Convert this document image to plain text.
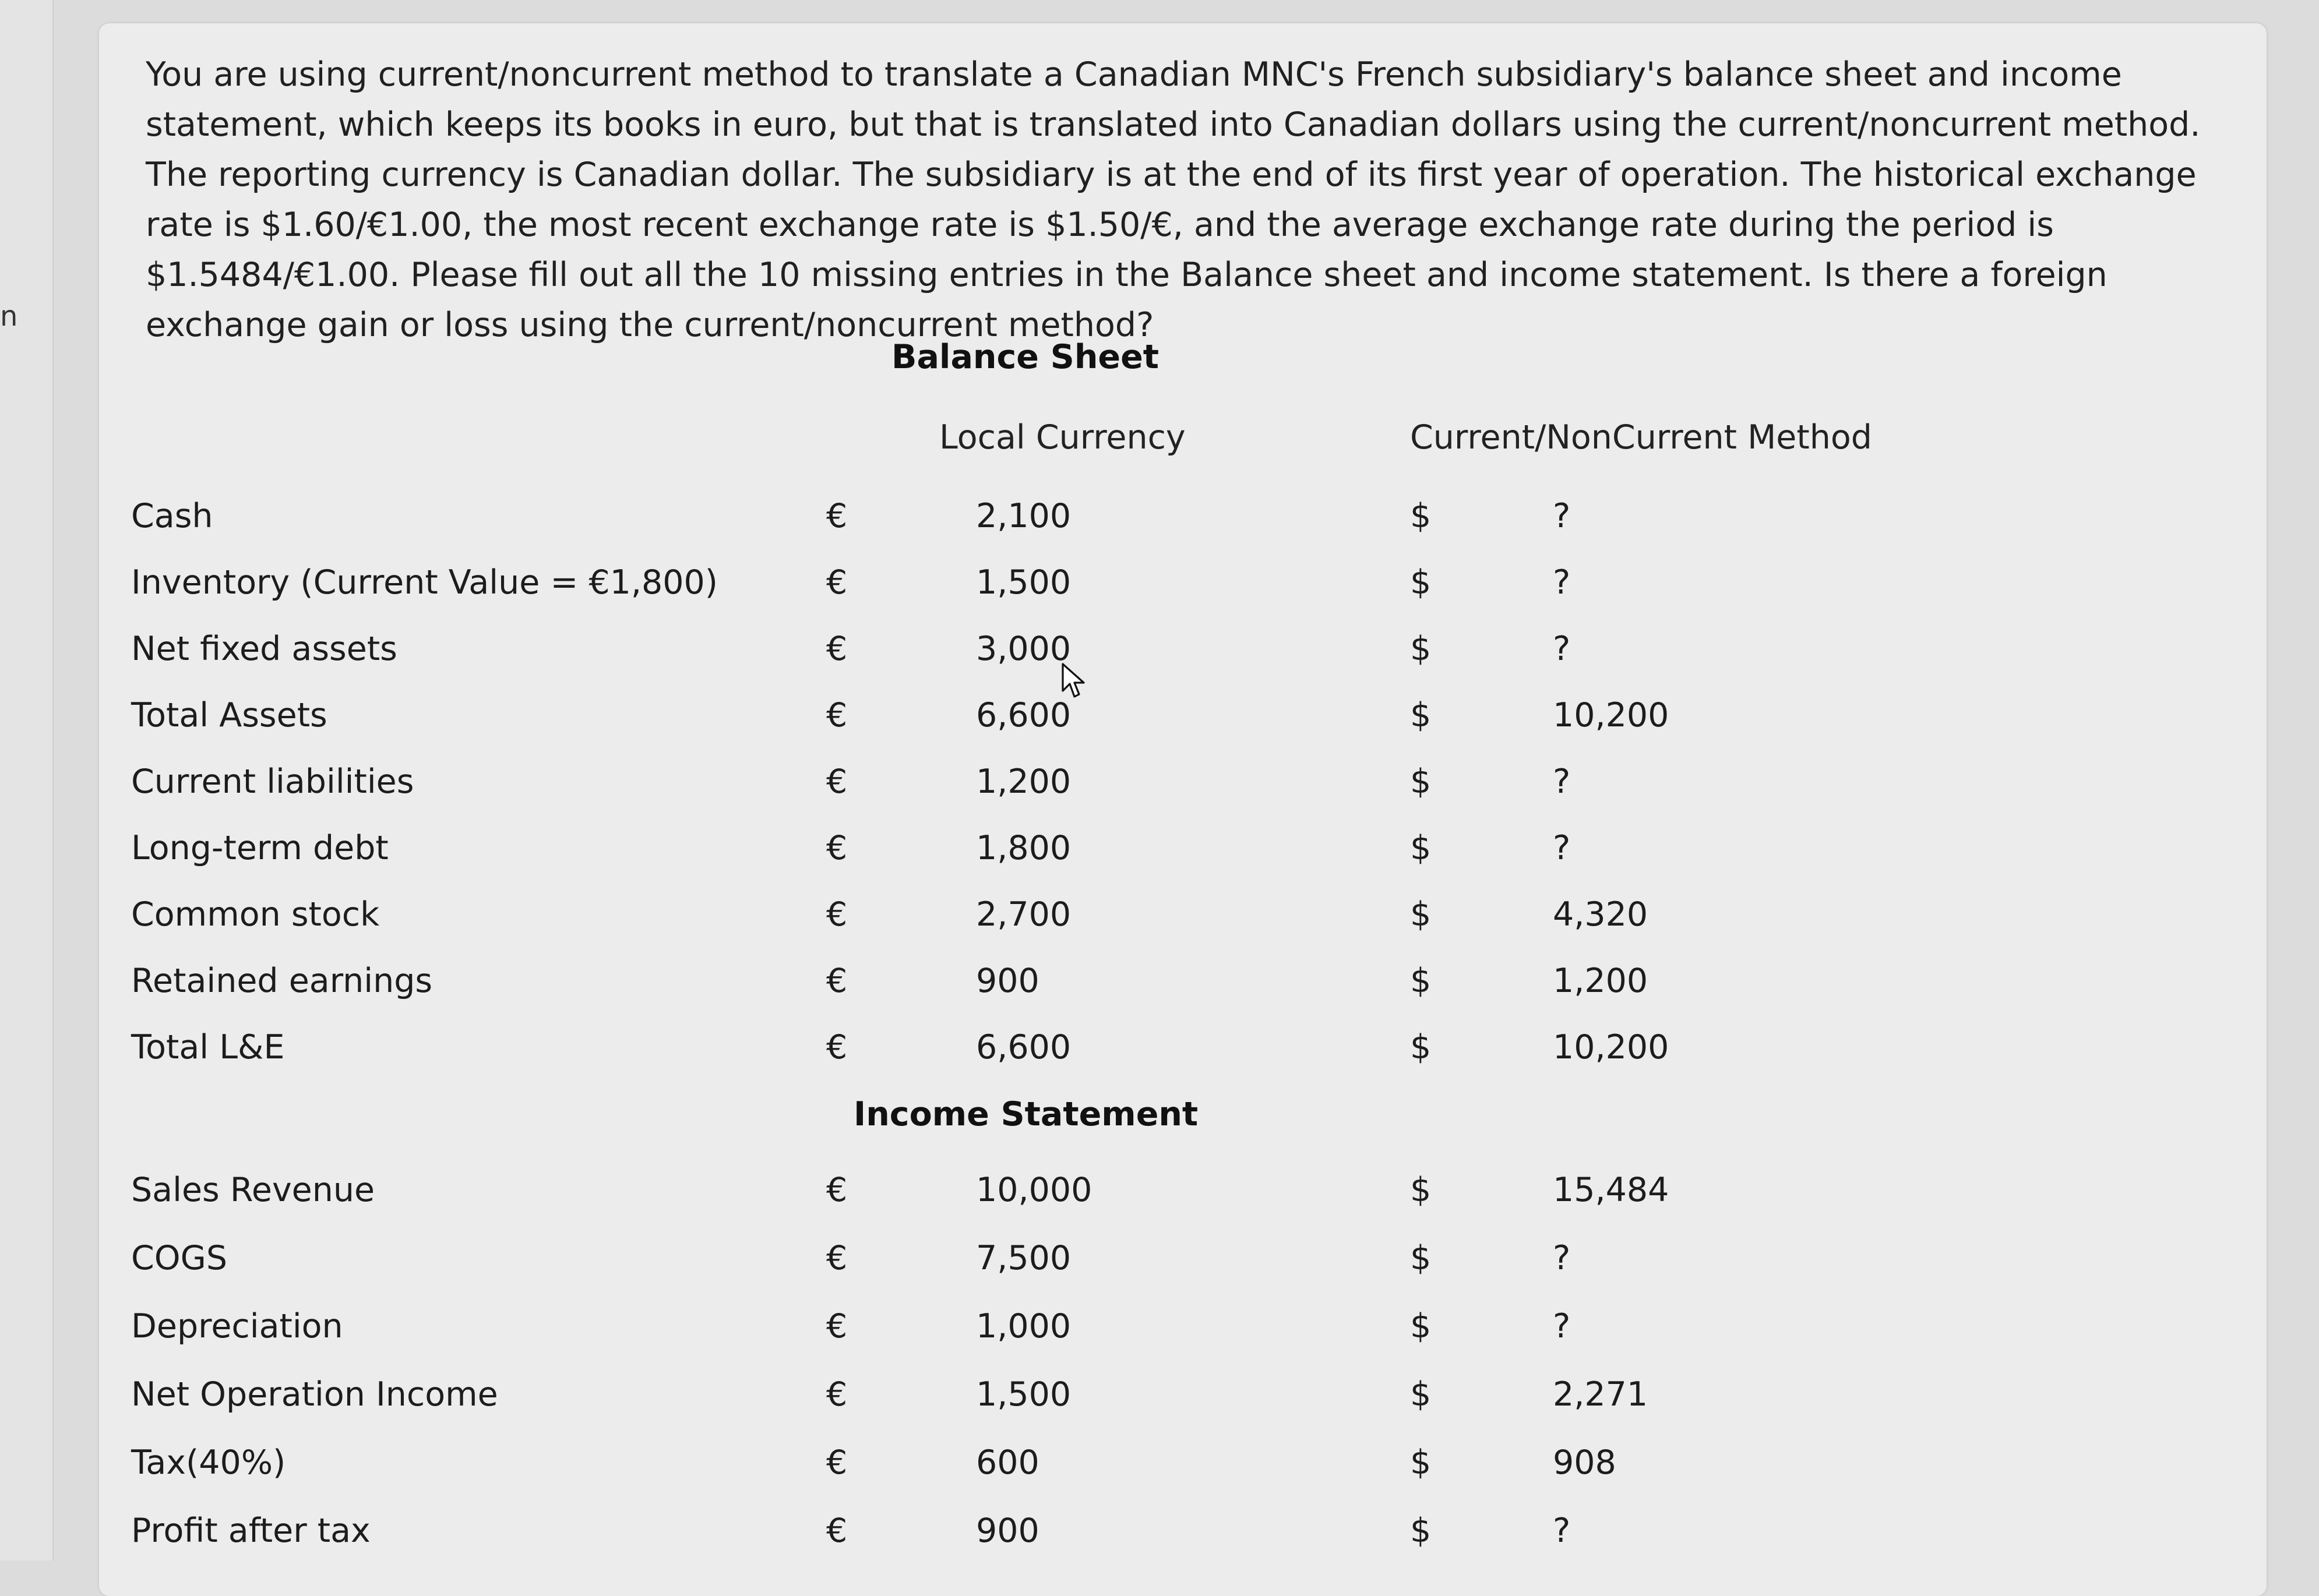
n
You are using current/noncurrent method to translate a Canadian MNC's French subsidiary's balance sheet and income statement, which keeps its books in euro, but that is translated into Canadian dollars using the current/noncurrent method. The reporting currency is Canadian dollar. The subsidiary is at the end of its first year of operation. The historical exchange rate is $1.60/€1.00, the most recent exchange rate is $1.50/€, and the average exchange rate during the period is $1.5484/€1.00. Please fill out all the 10 missing entries in the Balance sheet and income statement. Is there a foreign exchange gain or loss using the current/noncurrent method?
Balance Sheet
Local Currency	Current/NonCurrent Method
Cash	€	2,100	$	?
Inventory (Current Value = €1,800)	€	1,500	$	?
Net fixed assets	€	3,000	$	?
Total Assets	€	6,600	$	10,200
Current liabilities	€	1,200	$	?
Long-term debt	€	1,800	$	?
Common stock	€	2,700	$	4,320
Retained earnings	€	900	$	1,200
Total L&E	€	6,600	$	10,200
Income Statement
Sales Revenue	€	10,000	$	15,484
COGS	€	7,500	$	?
Depreciation	€	1,000	$	?
Net Operation Income	€	1,500	$	2,271
Tax(40%)	€	600	$	908
Profit after tax	€	900	$	?
